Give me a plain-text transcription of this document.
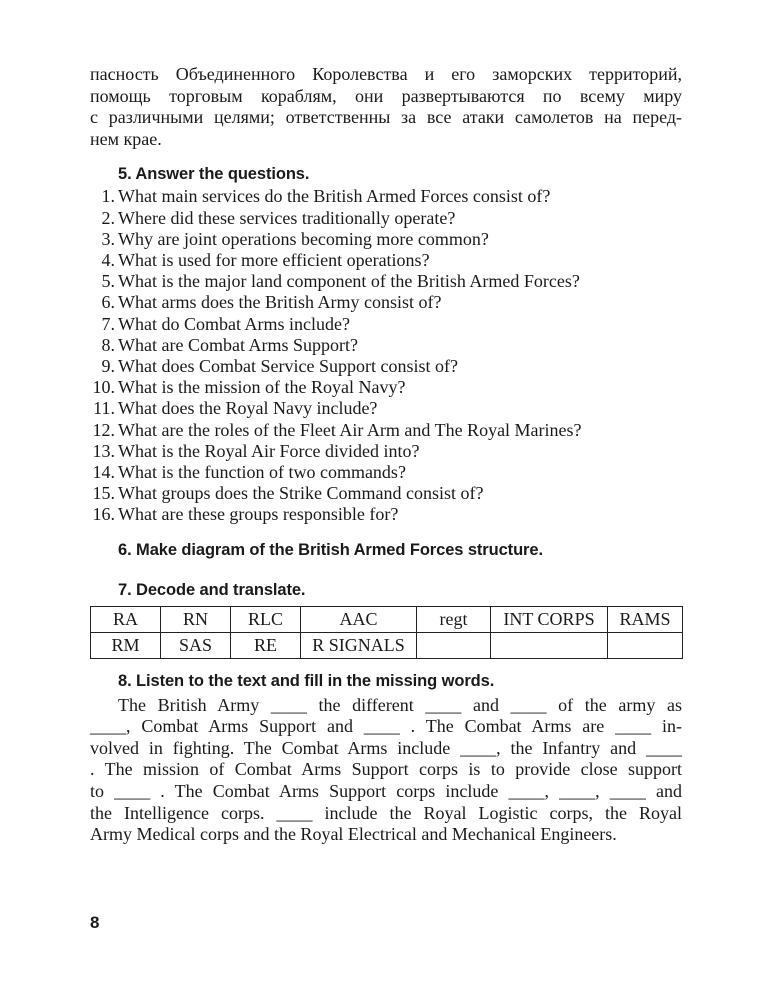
пасность Объединенного Королевства и его заморских территорий,
помощь торговым кораблям, они развертываются по всему миру
с различными целями; ответственны за все атаки самолетов на перед-
нем крае.
5. Answer the questions.
1. What main services do the British Armed Forces consist of?
2. Where did these services traditionally operate?
3. Why are joint operations becoming more common?
4. What is used for more efficient operations?
5. What is the major land component of the British Armed Forces?
6. What arms does the British Army consist of?
7. What do Combat Arms include?
8. What are Combat Arms Support?
9. What does Combat Service Support consist of?
10. What is the mission of the Royal Navy?
11. What does the Royal Navy include?
12. What are the roles of the Fleet Air Arm and The Royal Marines?
13. What is the Royal Air Force divided into?
14. What is the function of two commands?
15. What groups does the Strike Command consist of?
16. What are these groups responsible for?
6. Make diagram of the British Armed Forces structure.
7. Decode and translate.
RA	RN	RLC	AAC	regt	INT CORPS	RAMS
RM	SAS	RE	R SIGNALS			
8. Listen to the text and fill in the missing words.
The British Army ____ the different ____ and ____ of the army as
____, Combat Arms Support and ____ . The Combat Arms are ____ in-
volved in fighting. The Combat Arms include ____, the Infantry and ____
. The mission of Combat Arms Support corps is to provide close support
to ____ . The Combat Arms Support corps include ____, ____, ____ and
the Intelligence corps. ____ include the Royal Logistic corps, the Royal
Army Medical corps and the Royal Electrical and Mechanical Engineers.
8
